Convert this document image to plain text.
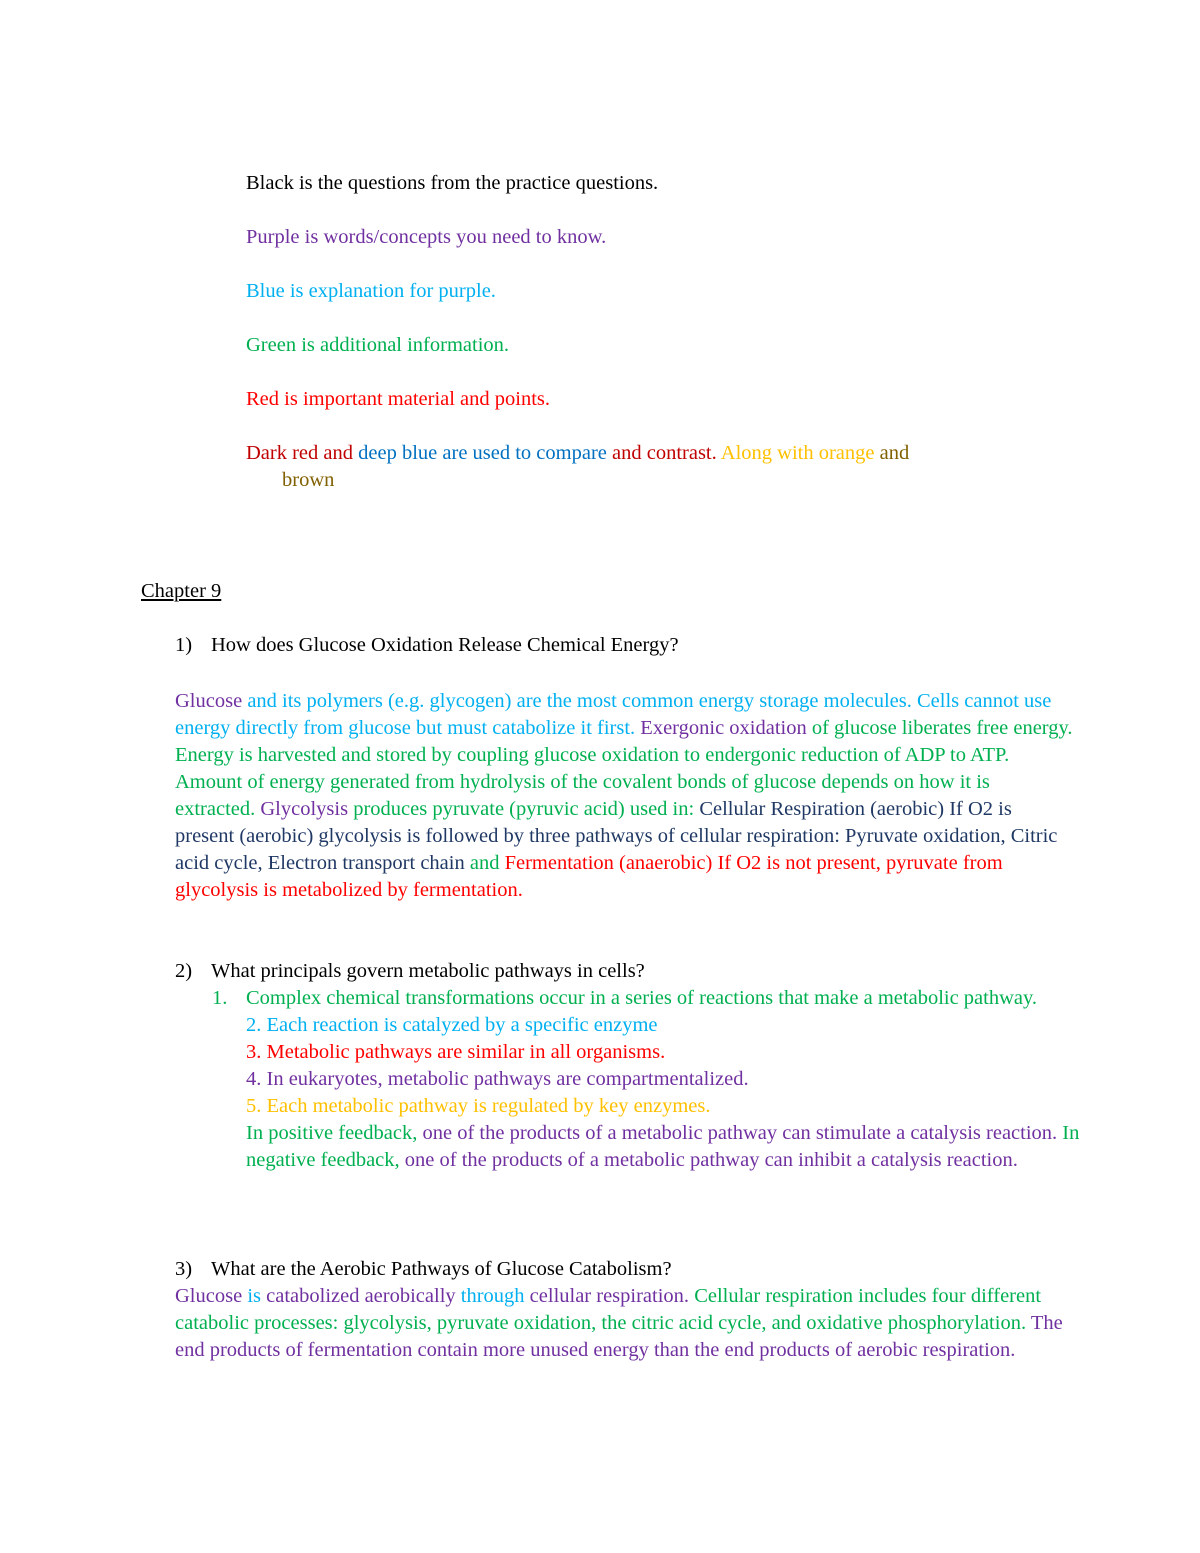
Black is the questions from the practice questions.

Purple is words/concepts you need to know.

Blue is explanation for purple.

Green is additional information.

Red is important material and points.

Dark red and deep blue are used to compare and contrast. Along with orange and
brown

Chapter 9
1) How does Glucose Oxidation Release Chemical Energy?

Glucose and its polymers (e.g. glycogen) are the most common energy storage molecules. Cells cannot use energy directly from glucose but must catabolize it first. Exergonic oxidation of glucose liberates free energy. Energy is harvested and stored by coupling glucose oxidation to endergonic reduction of ADP to ATP. Amount of energy generated from hydrolysis of the covalent bonds of glucose depends on how it is extracted. Glycolysis produces pyruvate (pyruvic acid) used in: Cellular Respiration (aerobic) If O2 is present (aerobic) glycolysis is followed by three pathways of cellular respiration: Pyruvate oxidation, Citric acid cycle, Electron transport chain and Fermentation (anaerobic) If O2 is not present, pyruvate from glycolysis is metabolized by fermentation.

2) What principals govern metabolic pathways in cells?
1. Complex chemical transformations occur in a series of reactions that make a metabolic pathway.
2. Each reaction is catalyzed by a specific enzyme
3. Metabolic pathways are similar in all organisms.
4. In eukaryotes, metabolic pathways are compartmentalized.
5. Each metabolic pathway is regulated by key enzymes.
In positive feedback, one of the products of a metabolic pathway can stimulate a catalysis reaction. In negative feedback, one of the products of a metabolic pathway can inhibit a catalysis reaction.
3) What are the Aerobic Pathways of Glucose Catabolism?

Glucose is catabolized aerobically through cellular respiration. Cellular respiration includes four different catabolic processes: glycolysis, pyruvate oxidation, the citric acid cycle, and oxidative phosphorylation. The end products of fermentation contain more unused energy than the end products of aerobic respiration.
